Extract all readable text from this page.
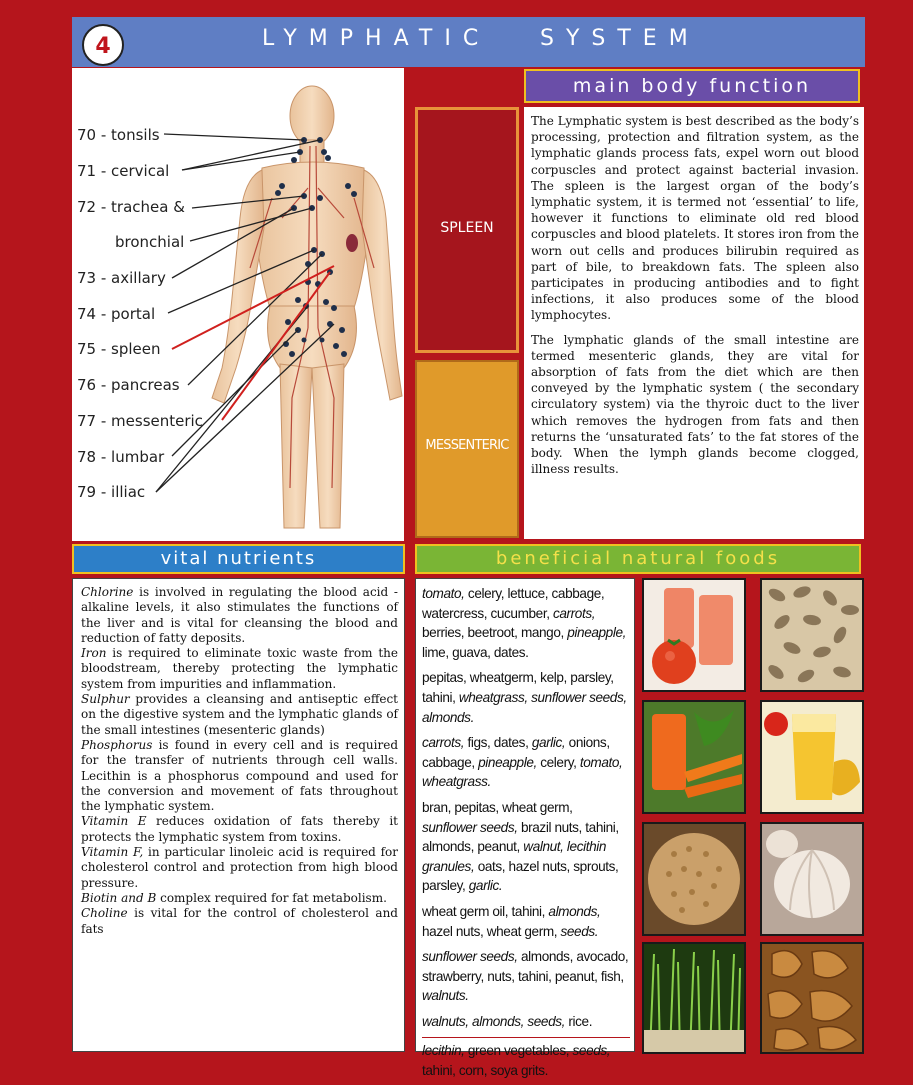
4	LYMPHATIC SYSTEM
70 - tonsils
71 - cervical
72 - trachea &
bronchial
73 - axillary
74 - portal
75 - spleen
76 - pancreas
77 - messenteric
78 - lumbar
79 - illiac
SPLEEN
MESSENTERIC
main body function

The Lymphatic system is best described as the body’s processing, protection and filtration system, as the lymphatic glands process fats, expel worn out blood corpuscles and protect against bacterial invasion. The spleen is the largest organ of the body’s lymphatic system, it is termed not ‘essential’ to life, however it functions to eliminate old red blood corpuscles and blood platelets. It stores iron from the worn out cells and produces bilirubin required as part of bile, to breakdown fats. The spleen also participates in producing antibodies and to fight infections, it also produces some of the blood lymphocytes.

The lymphatic glands of the small intestine are termed mesenteric glands, they are vital for absorption of fats from the diet which are then conveyed by the lymphatic system ( the secondary circulatory system) via the thyroic duct to the liver which removes the hydrogen from fats and then returns the ‘unsaturated fats’ to the fat stores of the body. When the lymph glands become clogged, illness results.

vital nutrients

Chlorine is involved in regulating the blood acid - alkaline levels, it also stimulates the functions of the liver and is vital for cleansing the blood and reduction of fatty deposits.

Iron is required to eliminate toxic waste from the bloodstream, thereby protecting the lymphatic system from impurities and inflammation.

Sulphur provides a cleansing and antiseptic effect on the digestive system and the lymphatic glands of the small intestines (mesenteric glands)

Phosphorus is found in every cell and is required for the transfer of nutrients through cell walls. Lecithin is a phosphorus compound and used for the conversion and movement of fats throughout the lymphatic system.

Vitamin E reduces oxidation of fats thereby it protects the lymphatic system from toxins.

Vitamin F, in particular linoleic acid is required for cholesterol control and protection from high blood pressure.

Biotin and B complex required for fat metabolism.

Choline is vital for the control of cholesterol and fats

beneficial natural foods

tomato, celery, lettuce, cabbage, watercress, cucumber, carrots, berries, beetroot, mango, pineapple, lime, guava, dates.

pepitas, wheatgerm, kelp, parsley, tahini, wheatgrass, sunflower seeds, almonds.

carrots, figs, dates, garlic, onions, cabbage, pineapple, celery, tomato, wheatgrass.

bran, pepitas, wheat germ, sunflower seeds, brazil nuts, tahini, almonds, peanut, walnut, lecithin granules, oats, hazel nuts, sprouts, parsley, garlic.

wheat germ oil, tahini, almonds, hazel nuts, wheat germ, seeds.

sunflower seeds, almonds, avocado, strawberry, nuts, tahini, peanut, fish, walnuts.

walnuts, almonds, seeds, rice.

lecithin, green vegetables, seeds, tahini, corn, soya grits.
